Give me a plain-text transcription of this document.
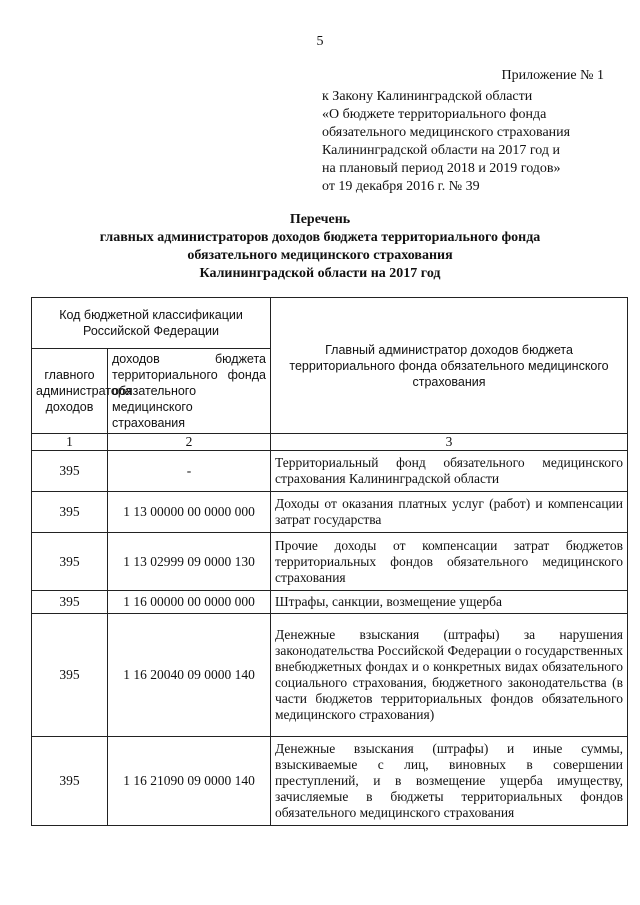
5
Приложение № 1
к Закону Калининградской области
«О бюджете территориального фонда
обязательного медицинского страхования
Калининградской области на 2017 год и
на плановый период 2018 и 2019 годов»
от 19 декабря 2016 г. № 39
Перечень
главных администраторов доходов бюджета территориального фонда
обязательного медицинского страхования
Калининградской области на 2017 год
Код бюджетной классификации Российской Федерации		Главный администратор доходов бюджета территориального фонда обязательного медицинского страхования
главного администратора доходов	доходов бюджета территориального фонда обязательного медицинского страхования	
1	2	3
395	-	Территориальный фонд обязательного медицинского страхования Калининградской области
395	1 13 00000 00 0000 000	Доходы от оказания платных услуг (работ) и компенсации затрат государства
395	1 13 02999 09 0000 130	Прочие доходы от компенсации затрат бюджетов территориальных фондов обязательного медицинского страхования
395	1 16 00000 00 0000 000	Штрафы, санкции, возмещение ущерба
395	1 16 20040 09 0000 140	Денежные взыскания (штрафы) за нарушения законодательства Российской Федерации о государственных внебюджетных фондах и о конкретных видах обязательного социального страхования, бюджетного законодательства (в части бюджетов территориальных фондов обязательного медицинского страхования)
395	1 16 21090 09 0000 140	Денежные взыскания (штрафы) и иные суммы, взыскиваемые с лиц, виновных в совершении преступлений, и в возмещение ущерба имуществу, зачисляемые в бюджеты территориальных фондов обязательного медицинского страхования
